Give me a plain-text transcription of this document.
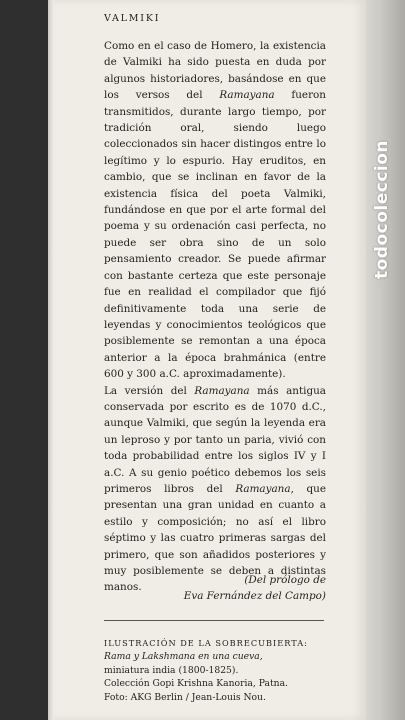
todocoleccion
VALMIKI

Como en el caso de Homero, la existencia de Valmiki ha sido puesta en duda por algunos historiadores, basándose en que los versos del Ramayana fueron transmitidos, durante largo tiempo, por tradición oral, siendo luego coleccionados sin hacer distingos entre lo legítimo y lo espurio. Hay eruditos, en cambio, que se inclinan en favor de la existencia física del poeta Valmiki, fundándose en que por el arte formal del poema y su ordenación casi perfecta, no puede ser obra sino de un solo pensamiento creador. Se puede afirmar con bastante certeza que este personaje fue en realidad el compilador que fijó definitivamente toda una serie de leyendas y conocimientos teológicos que posiblemente se remontan a una época anterior a la época brahmánica (entre 600 y 300 a.C. aproximadamente).

La versión del Ramayana más antigua conservada por escrito es de 1070 d.C., aunque Valmiki, que según la leyenda era un leproso y por tanto un paria, vivió con toda probabilidad entre los siglos IV y I a.C. A su genio poético debemos los seis primeros libros del Ramayana, que presentan una gran unidad en cuanto a estilo y composición; no así el libro séptimo y las cuatro primeras sargas del primero, que son añadidos posteriores y muy posiblemente se deben a distintas manos.

(Del prólogo de
Eva Fernández del Campo)
ILUSTRACIÓN DE LA SOBRECUBIERTA:
Rama y Lakshmana en una cueva,
miniatura india (1800-1825).
Colección Gopi Krishna Kanoria, Patna.
Foto: AKG Berlin / Jean-Louis Nou.
